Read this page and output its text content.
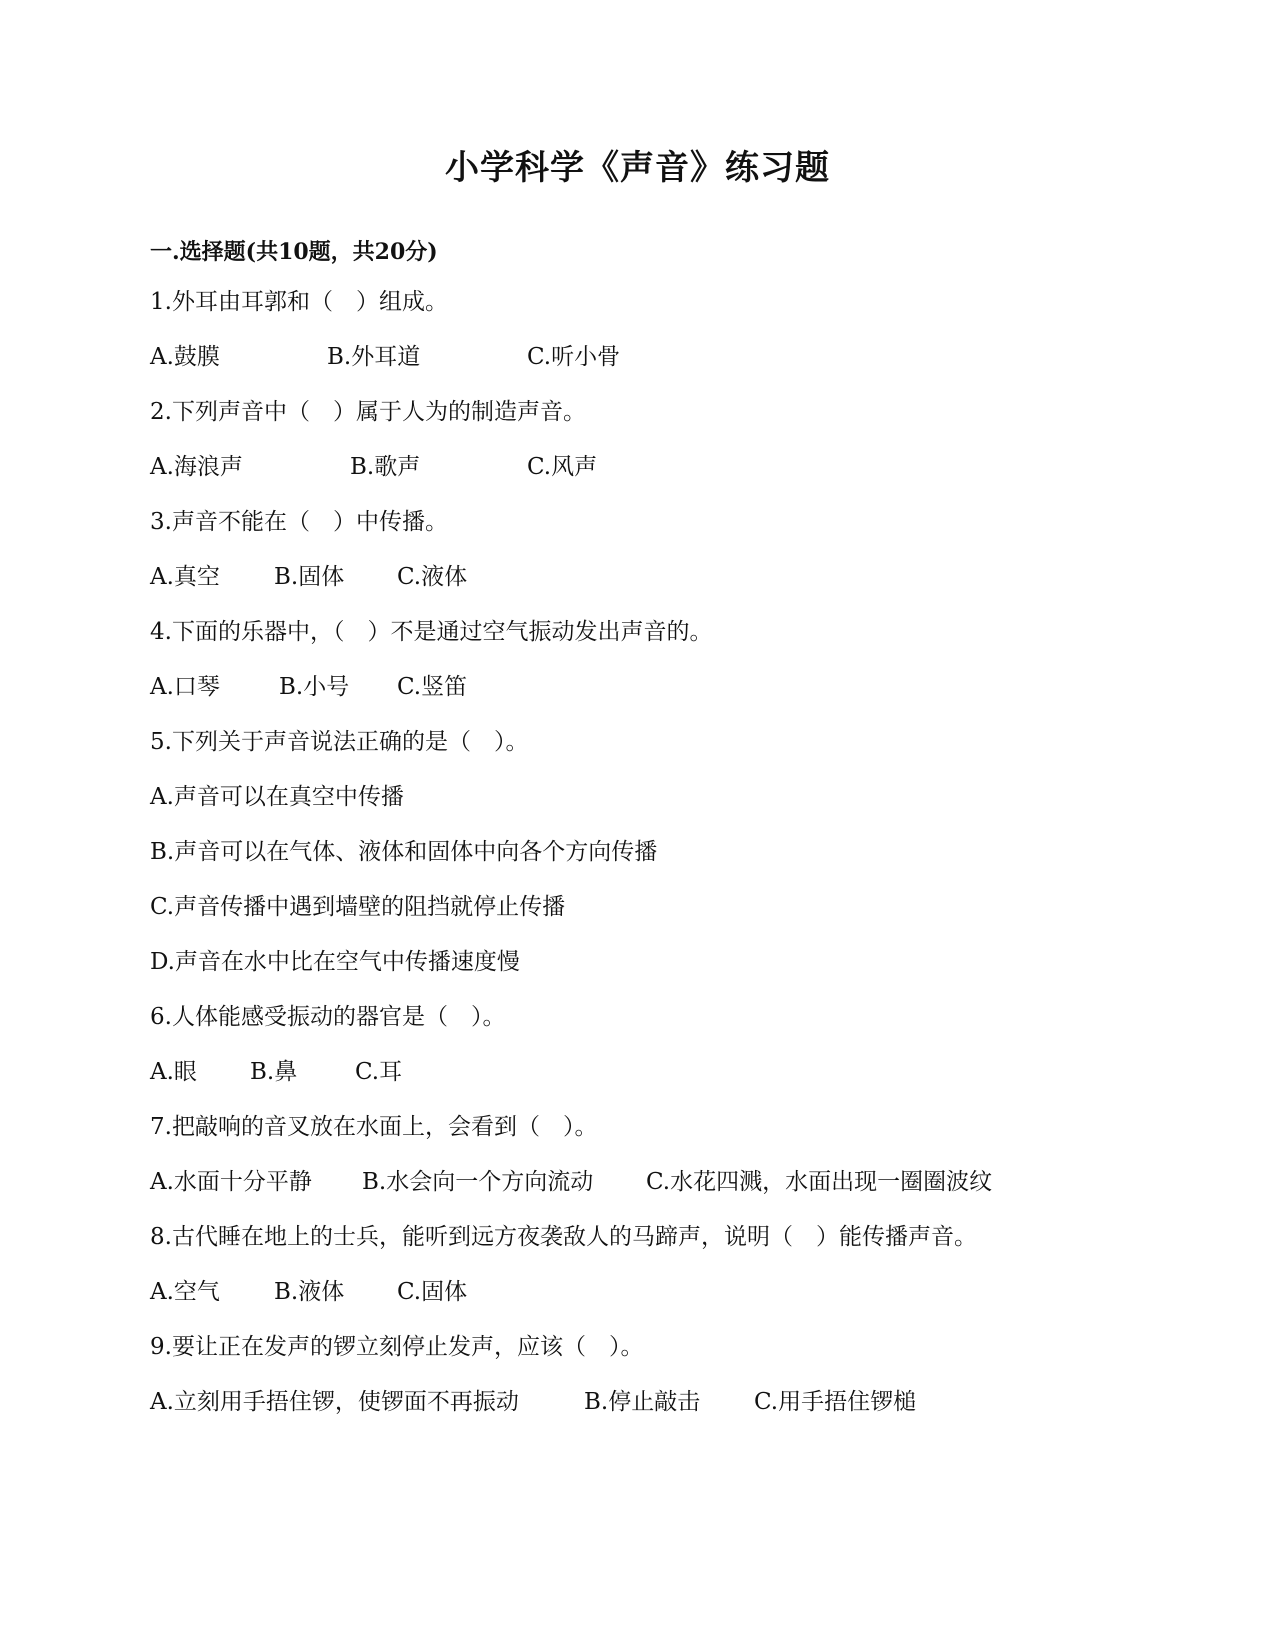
小学科学《声音》练习题
一.选择题(共10题，共20分)
1.外耳由耳郭和（　）组成。
A.鼓膜	B.外耳道	C.听小骨
2.下列声音中（　）属于人为的制造声音。
A.海浪声	B.歌声	C.风声
3.声音不能在（　）中传播。
A.真空 B.固体 C.液体
4.下面的乐器中，（　）不是通过空气振动发出声音的。
A.口琴	B.小号 C.竖笛
5.下列关于声音说法正确的是（　）。
A.声音可以在真空中传播
B.声音可以在气体、液体和固体中向各个方向传播
C.声音传播中遇到墙壁的阻挡就停止传播
D.声音在水中比在空气中传播速度慢
6.人体能感受振动的器官是（　）。
A.眼 B.鼻	C.耳
7.把敲响的音叉放在水面上，会看到（　）。
A.水面十分平静 B.水会向一个方向流动 C.水花四溅，水面出现一圈圈波纹
8.古代睡在地上的士兵，能听到远方夜袭敌人的马蹄声，说明（　）能传播声音。
A.空气 B.液体 C.固体
9.要让正在发声的锣立刻停止发声，应该（　）。
A.立刻用手捂住锣，使锣面不再振动	B.停止敲击 C.用手捂住锣槌
